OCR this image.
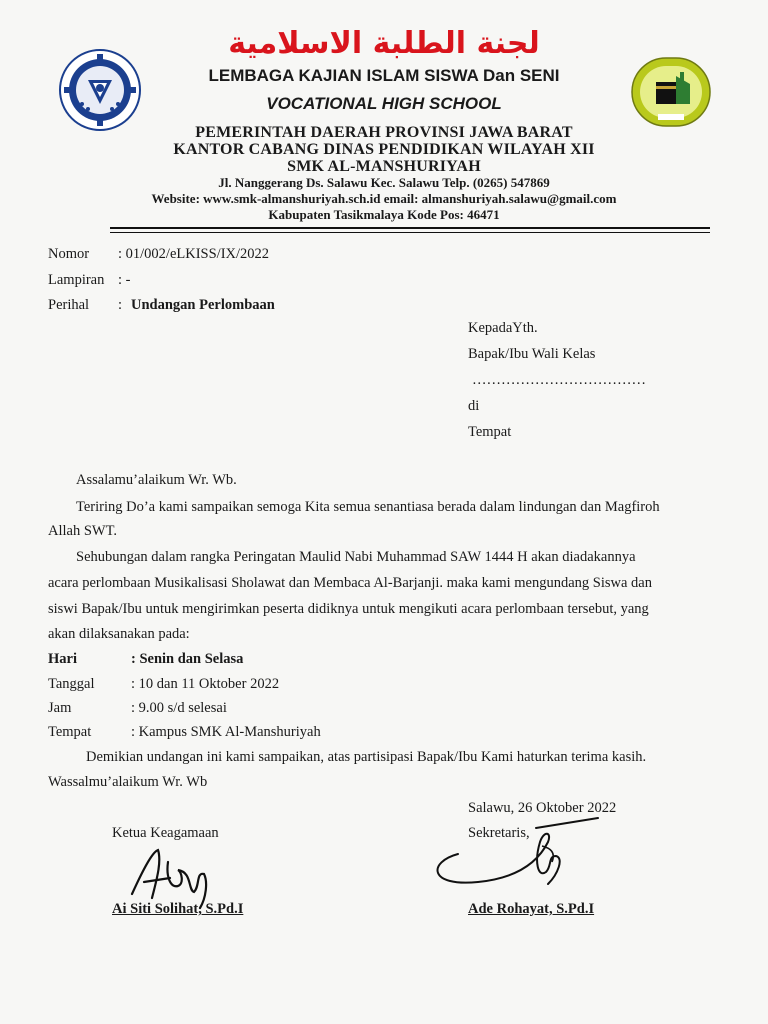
لجنة الطلبة الاسلامية
LEMBAGA KAJIAN ISLAM SISWA Dan SENI
VOCATIONAL HIGH SCHOOL
PEMERINTAH DAERAH PROVINSI JAWA BARAT
KANTOR CABANG DINAS PENDIDIKAN WILAYAH XII
SMK AL-MANSHURIYAH
Jl. Nanggerang Ds. Salawu Kec. Salawu Telp. (0265) 547869
Website: www.smk-almanshuriyah.sch.id email: almanshuriyah.salawu@gmail.com
Kabupaten Tasikmalaya Kode Pos: 46471
Nomor : 01/002/eLKISS/IX/2022
Lampiran : -
Perihal : Undangan Perlombaan
KepadaYth.
Bapak/Ibu Wali Kelas
………………………………
di
Tempat
Assalamu’alaikum Wr. Wb.
Teriring Do’a kami sampaikan semoga Kita semua senantiasa berada dalam lindungan dan Magfiroh
Allah SWT.
Sehubungan dalam rangka Peringatan Maulid Nabi Muhammad SAW 1444 H akan diadakannya
acara perlombaan Musikalisasi Sholawat dan Membaca Al-Barjanji. maka kami mengundang Siswa dan
siswi Bapak/Ibu untuk mengirimkan peserta didiknya untuk mengikuti acara perlombaan tersebut, yang
akan dilaksanakan pada:
Hari	: Senin dan Selasa
Tanggal	: 10 dan 11 Oktober 2022
Jam	: 9.00 s/d selesai
Tempat	: Kampus SMK Al-Manshuriyah
Demikian undangan ini kami sampaikan, atas partisipasi Bapak/Ibu Kami haturkan terima kasih.
Wassalmu’alaikum Wr. Wb
Salawu, 26 Oktober 2022
Ketua Keagamaan	Sekretaris,
Ai Siti Solihat, S.Pd.I	Ade Rohayat, S.Pd.I
